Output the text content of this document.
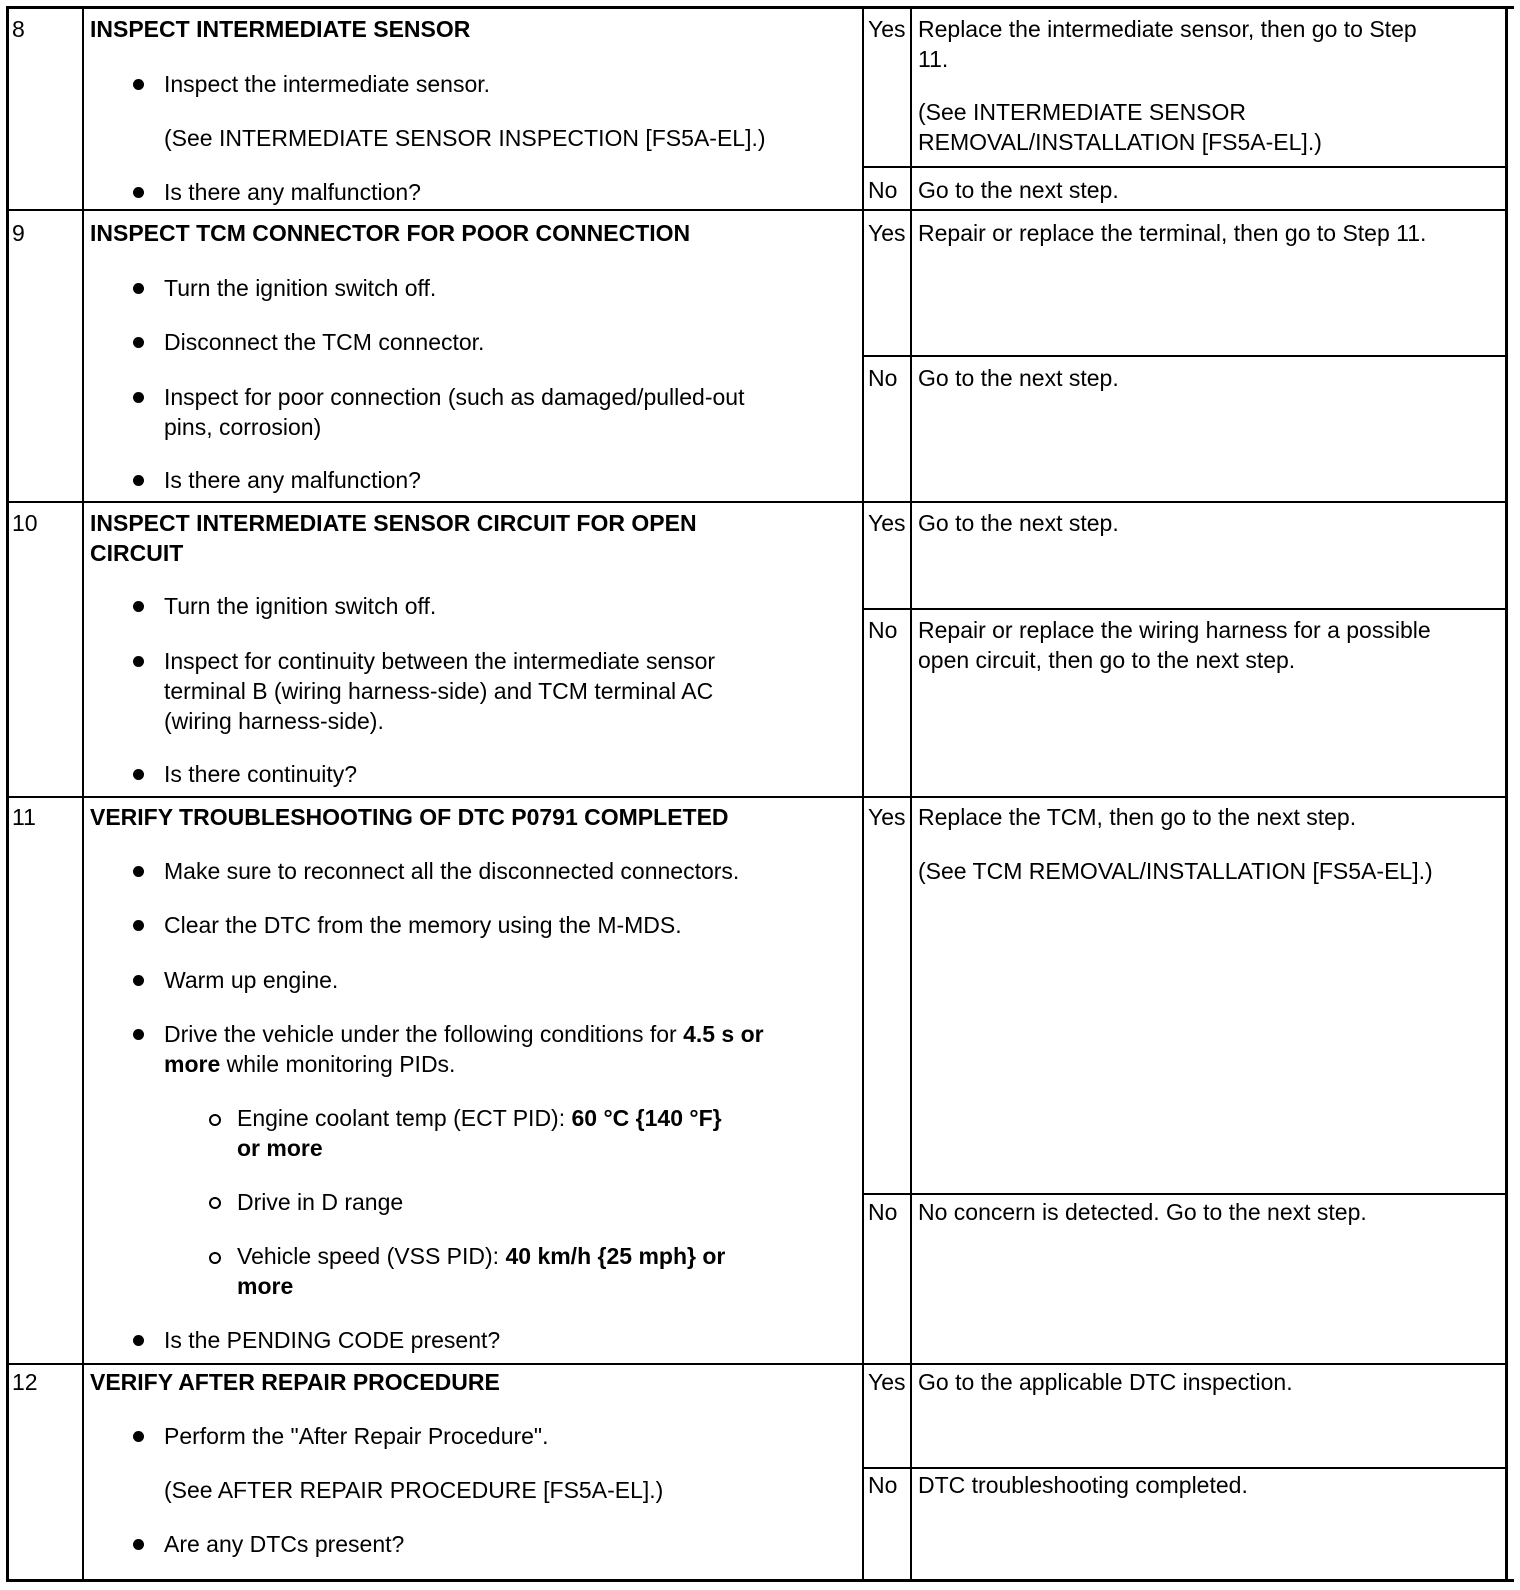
8	INSPECT INTERMEDIATE SENSOR
Inspect the intermediate sensor.
(See INTERMEDIATE SENSOR INSPECTION [FS5A-EL].)
Is there any malfunction?
Yes Replace the intermediate sensor, then go to Step
11.
(See INTERMEDIATE SENSOR
REMOVAL/INSTALLATION [FS5A-EL].)
No Go to the next step.
9	INSPECT TCM CONNECTOR FOR POOR CONNECTION
Turn the ignition switch off.
Disconnect the TCM connector.
Inspect for poor connection (such as damaged/pulled-out
pins, corrosion)
Is there any malfunction?
Yes Repair or replace the terminal, then go to Step 11.
No Go to the next step.
10 INSPECT INTERMEDIATE SENSOR CIRCUIT FOR OPEN
CIRCUIT
Turn the ignition switch off.
Inspect for continuity between the intermediate sensor
terminal B (wiring harness-side) and TCM terminal AC
(wiring harness-side).
Is there continuity?
Yes Go to the next step.
No Repair or replace the wiring harness for a possible
open circuit, then go to the next step.
11 VERIFY TROUBLESHOOTING OF DTC P0791 COMPLETED
Make sure to reconnect all the disconnected connectors.
Clear the DTC from the memory using the M-MDS.
Warm up engine.
Drive the vehicle under the following conditions for 4.5 s or
more while monitoring PIDs.
Engine coolant temp (ECT PID): 60 °C {140 °F}
or more
Drive in D range
Vehicle speed (VSS PID): 40 km/h {25 mph} or
more
Is the PENDING CODE present?
Yes Replace the TCM, then go to the next step.
(See TCM REMOVAL/INSTALLATION [FS5A-EL].)
No No concern is detected. Go to the next step.
12 VERIFY AFTER REPAIR PROCEDURE
Perform the "After Repair Procedure".
(See AFTER REPAIR PROCEDURE [FS5A-EL].)
Are any DTCs present?
Yes Go to the applicable DTC inspection.
No DTC troubleshooting completed.
